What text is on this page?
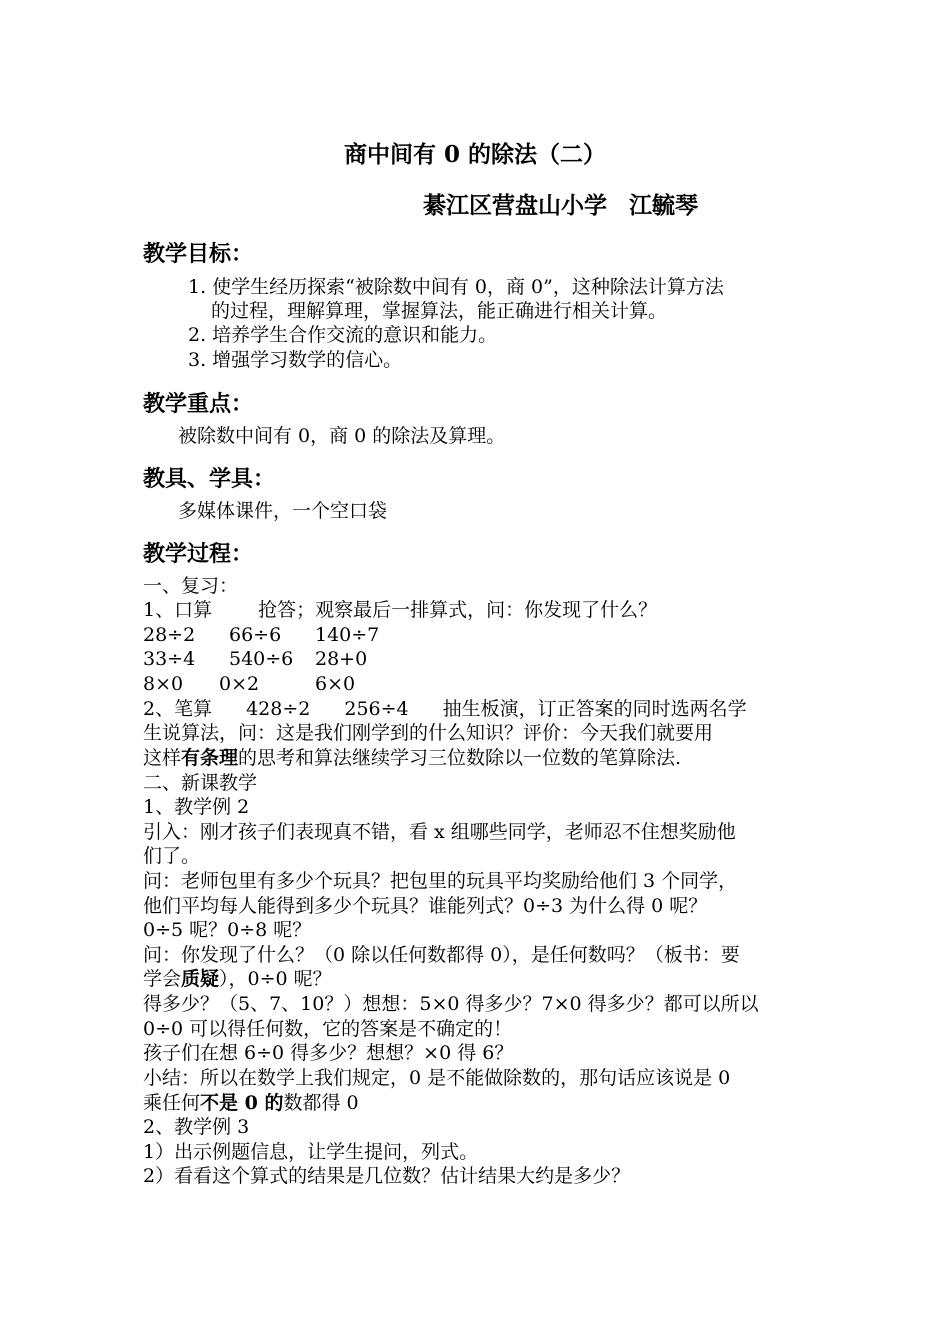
商中间有 0 的除法（二）
綦江区营盘山小学 江毓琴
教学目标：
1. 使学生经历探索“被除数中间有 0，商 0”，这种除法计算方法
的过程，理解算理，掌握算法，能正确进行相关计算。
2. 培养学生合作交流的意识和能力。
3. 增强学习数学的信心。
教学重点：
被除数中间有 0，商 0 的除法及算理。
教具、学具：
多媒体课件，一个空口袋
教学过程：
一、复习：
1、口算 抢答；观察最后一排算式，问：你发现了什么？
28÷2 66÷6 140÷7
33÷4 540÷6 28+0
8×0 0×2	6×0
2、笔算 428÷2 256÷4 抽生板演，订正答案的同时选两名学
生说算法，问：这是我们刚学到的什么知识？评价：今天我们就要用
这样有条理的思考和算法继续学习三位数除以一位数的笔算除法.
二、新课教学
1、教学例 2
引入：刚才孩子们表现真不错，看 x 组哪些同学，老师忍不住想奖励他
们了。
问：老师包里有多少个玩具？把包里的玩具平均奖励给他们 3 个同学，
他们平均每人能得到多少个玩具？谁能列式？0÷3 为什么得 0 呢？
0÷5 呢？0÷8 呢？
问：你发现了什么？（0 除以任何数都得 0），是任何数吗？（板书：要
学会质疑），0÷0 呢？
得多少？（5、7、10？）想想：5×0 得多少？7×0 得多少？都可以所以
0÷0 可以得任何数，它的答案是不确定的！
孩子们在想 6÷0 得多少？想想？×0 得 6？
小结：所以在数学上我们规定，0 是不能做除数的，那句话应该说是 0
乘任何不是 0 的数都得 0
2、教学例 3
1）出示例题信息，让学生提问，列式。
2）看看这个算式的结果是几位数？估计结果大约是多少？
